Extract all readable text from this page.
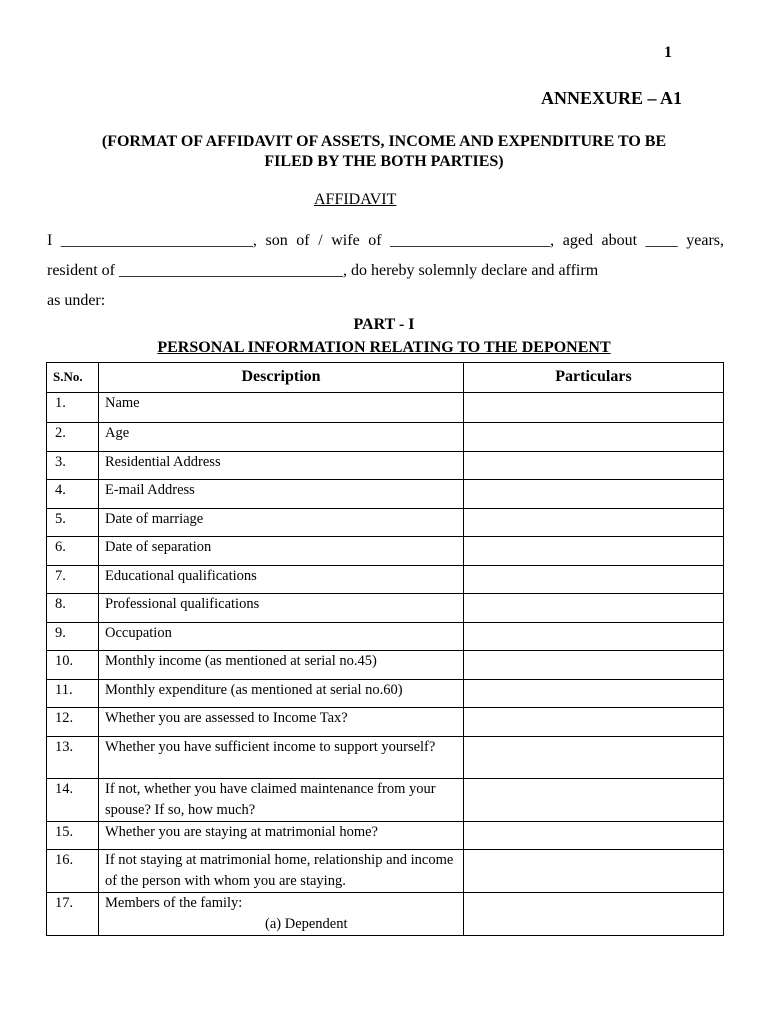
1
ANNEXURE – A1
(FORMAT OF AFFIDAVIT OF ASSETS, INCOME AND EXPENDITURE TO BE
FILED BY THE BOTH PARTIES)
AFFIDAVIT
I ________________________, son of / wife of ____________________, aged about ____ years, resident of ____________________________, do hereby solemnly declare and affirm
as under:
PART - I
PERSONAL INFORMATION RELATING TO THE DEPONENT
S.No.	Description	Particulars
1.	Name	
2.	Age	
3.	Residential Address	
4.	E-mail Address	
5.	Date of marriage	
6.	Date of separation	
7.	Educational qualifications	
8.	Professional qualifications	
9.	Occupation	
10.	Monthly income (as mentioned at serial no.45)	
11.	Monthly expenditure (as mentioned at serial no.60)	
12.	Whether you are assessed to Income Tax?	
13.	Whether you have sufficient income to support yourself?	
14.	If not, whether you have claimed maintenance from your spouse? If so, how much?	
15.	Whether you are staying at matrimonial home?	
16.	If not staying at matrimonial home, relationship and income of the person with whom you are staying.	
17.	Members of the family:
(a) Dependent	
